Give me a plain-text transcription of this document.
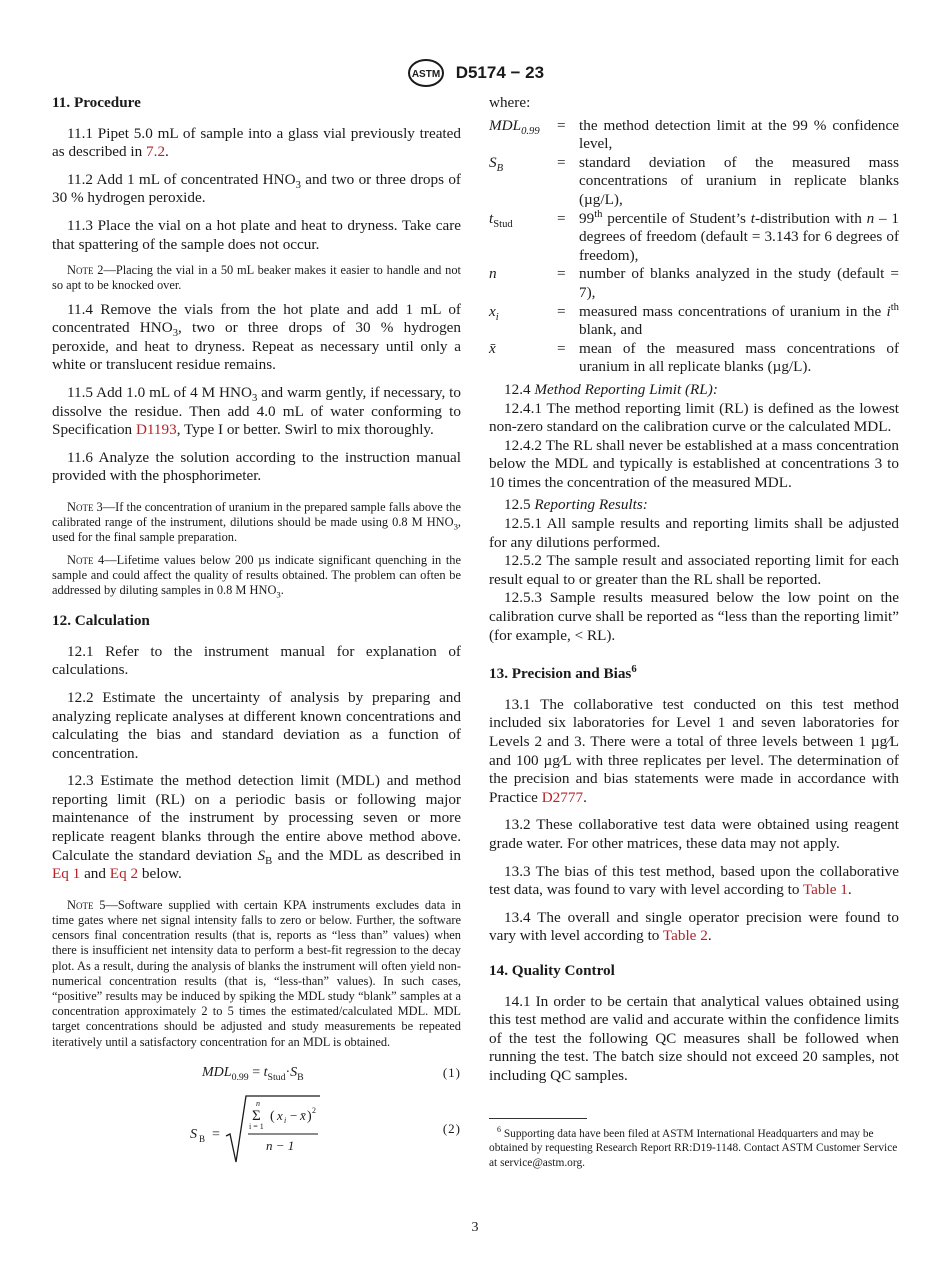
ASTM D5174 − 23

11. Procedure

11.1 Pipet 5.0 mL of sample into a glass vial previously treated as described in 7.2.

11.2 Add 1 mL of concentrated $HNO_3$ and two or three drops of 30 % hydrogen peroxide.

11.3 Place the vial on a hot plate and heat to dryness. Take care that spattering of the sample does not occur.

Note 2—Placing the vial in a 50 mL beaker makes it easier to handle and not so apt to be knocked over.

11.4 Remove the vials from the hot plate and add 1 mL of concentrated $HNO_3$, two or three drops of 30 % hydrogen peroxide, and heat to dryness. Repeat as necessary until only a white or translucent residue remains.

11.5 Add 1.0 mL of 4 M $HNO_3$ and warm gently, if necessary, to dissolve the residue. Then add 4.0 mL of water conforming to Specification D1193, Type I or better. Swirl to mix thoroughly.

11.6 Analyze the solution according to the instruction manual provided with the phosphorimeter.

Note 3—If the concentration of uranium in the prepared sample falls above the calibrated range of the instrument, dilutions should be made using 0.8 M $HNO_3$, used for the final sample preparation.

Note 4—Lifetime values below 200 µs indicate significant quenching in the sample and could affect the quality of results obtained. The problem can often be addressed by diluting samples in 0.8 M $HNO_3$.

12. Calculation

12.1 Refer to the instrument manual for explanation of calculations.

12.2 Estimate the uncertainty of analysis by preparing and analyzing replicate analyses at different known concentrations and calculating the bias and standard deviation as a function of concentration.

12.3 Estimate the method detection limit (MDL) and method reporting limit (RL) on a periodic basis or following major maintenance of the instrument by processing seven or more replicate reagent blanks through the entire above method above. Calculate the standard deviation $S_B$ and the MDL as described in Eq 1 and Eq 2 below.

Note 5—Software supplied with certain KPA instruments excludes data in time gates where net signal intensity falls to zero or below. Further, the software censors final concentration results (that is, reports as “less than” values) when there is insufficient net intensity data to perform a best-fit regression to the decay plot. As a result, during the analysis of blanks the instrument will often yield non-numerical concentration results (that is, “less-than” values). In such cases, “positive” results may be induced by spiking the MDL study “blank” samples at a concentration approximately 2 to 5 times the estimated/calculated MDL. MDL target concentrations should be adjusted and study measurements be repeated iteratively until a satisfactory concentration for an MDL is obtained.

$MDL_{0.99} = t_{Stud}\cdot S_B$	(1)
S B =
n
Σ
i = 1
( x i − x̄ ) 2
n − 1
(2)

where:

$MDL_{0.99}$	= the method detection limit at the 99 % confidence level,

$S_B$	= standard deviation of the measured mass concentrations of uranium in replicate blanks (µg/L),

$t_{Stud}$	= 99th percentile of Student’s t-distribution with n – 1 degrees of freedom (default = 3.143 for 6 degrees of freedom),

n	= number of blanks analyzed in the study (default = 7),

$x_i$	= measured mass concentrations of uranium in the $i^{th}$ blank, and

x̄	= mean of the measured mass concentrations of uranium in all replicate blanks (µg/L).

12.4 Method Reporting Limit (RL):

12.4.1 The method reporting limit (RL) is defined as the lowest non-zero standard on the calibration curve or the calculated MDL.

12.4.2 The RL shall never be established at a mass concentration below the MDL and typically is established at concentrations 3 to 10 times the concentration of the measured MDL.

12.5 Reporting Results:

12.5.1 All sample results and reporting limits shall be adjusted for any dilutions performed.

12.5.2 The sample result and associated reporting limit for each result equal to or greater than the RL shall be reported.

12.5.3 Sample results measured below the low point on the calibration curve shall be reported as “less than the reporting limit” (for example, < RL).

13. Precision and Bias$^6$

13.1 The collaborative test conducted on this test method included six laboratories for Level 1 and seven laboratories for Levels 2 and 3. There were a total of three levels between 1 µg⁄L and 100 µg⁄L with three replicates per level. The determination of the precision and bias statements were made in accordance with Practice D2777.

13.2 These collaborative test data were obtained using reagent grade water. For other matrices, these data may not apply.

13.3 The bias of this test method, based upon the collaborative test data, was found to vary with level according to Table 1.

13.4 The overall and single operator precision were found to vary with level according to Table 2.

14. Quality Control

14.1 In order to be certain that analytical values obtained using this test method are valid and accurate within the confidence limits of the test the following QC measures shall be followed when running the test. The batch size should not exceed 20 samples, not including QC samples.

$^6$ Supporting data have been filed at ASTM International Headquarters and may be obtained by requesting Research Report RR:D19-1148. Contact ASTM Customer Service at service@astm.org.

3
